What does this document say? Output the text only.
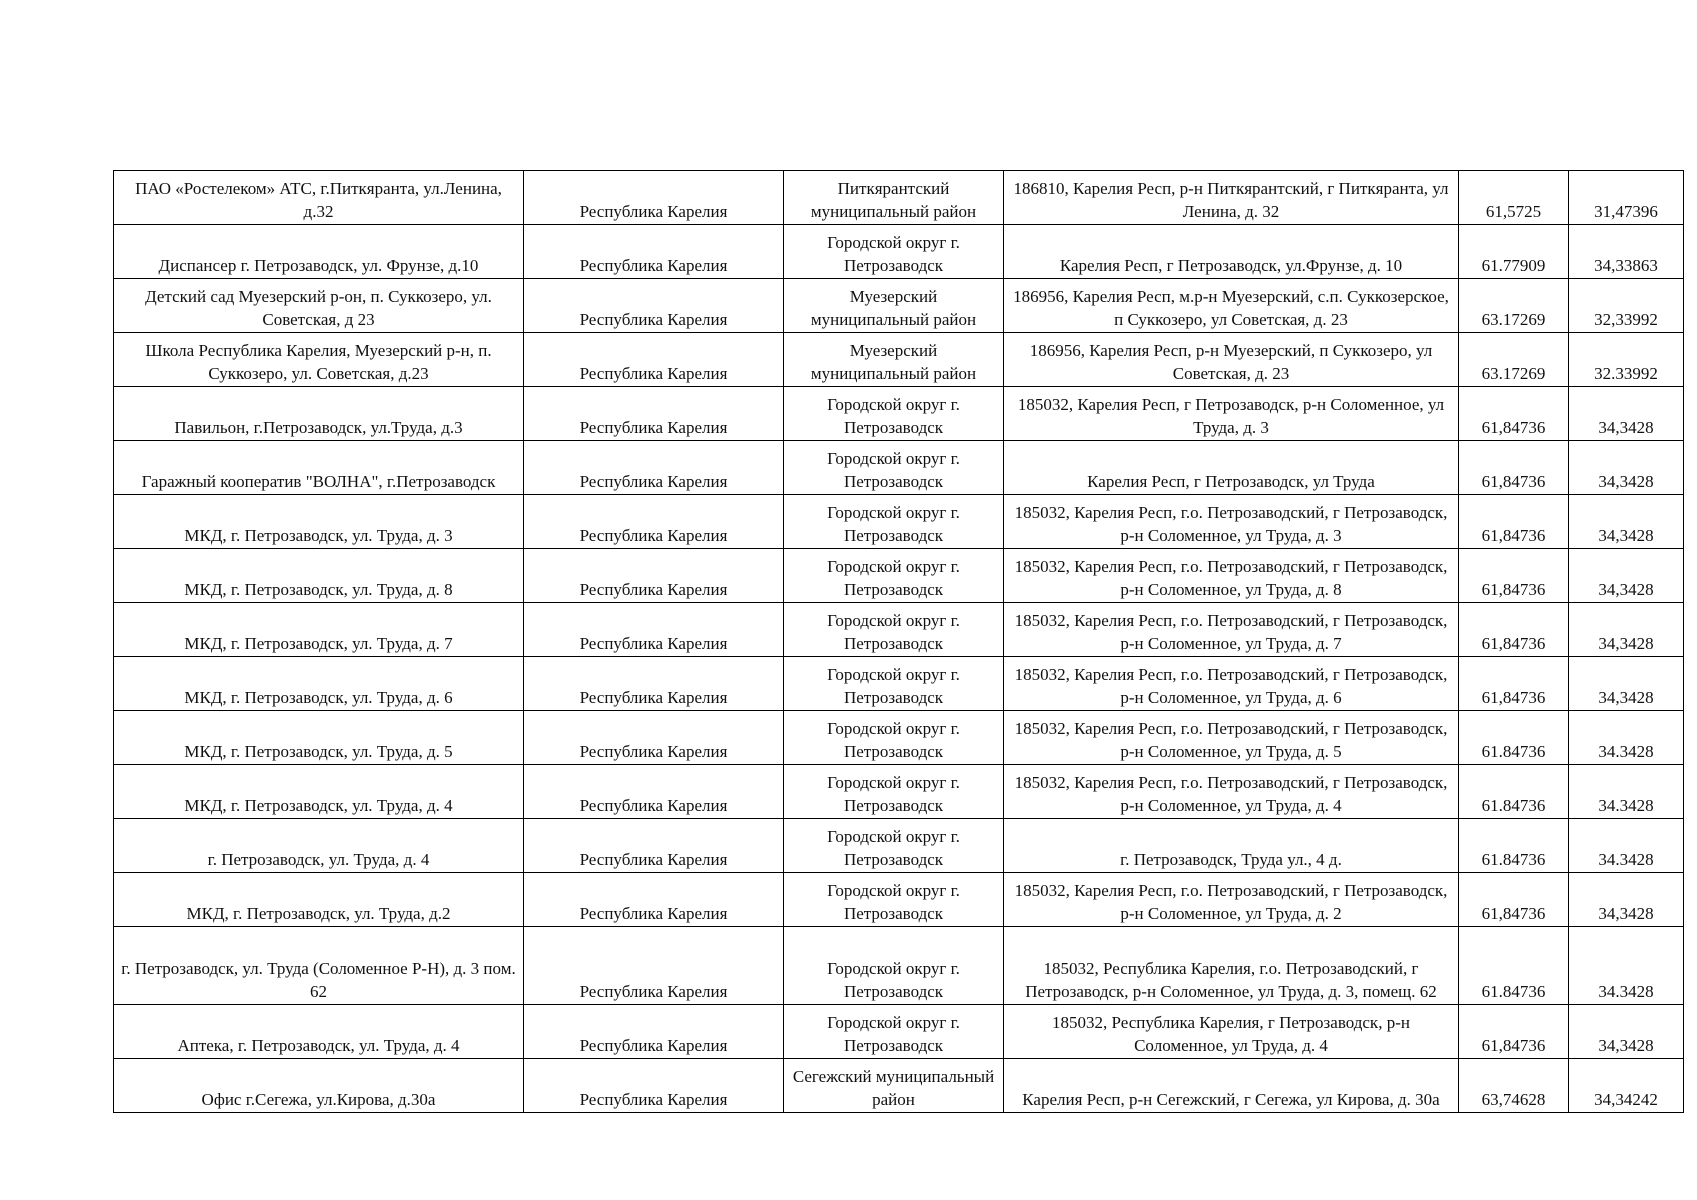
ПАО «Ростелеком» АТС, г.Питкяранта, ул.Ленина, д.32	Республика Карелия	Питкярантский муниципальный район	186810, Карелия Респ, р-н Питкярантский, г Питкяранта, ул Ленина, д. 32	61,5725	31,47396
Диспансер г. Петрозаводск, ул. Фрунзе, д.10	Республика Карелия	Городской округ г. Петрозаводск	Карелия Респ, г Петрозаводск, ул.Фрунзе, д. 10	61.77909	34,33863
Детский сад Муезерский р-он, п. Суккозеро, ул. Советская, д 23	Республика Карелия	Муезерский муниципальный район	186956, Карелия Респ, м.р-н Муезерский, с.п. Суккозерское, п Суккозеро, ул Советская, д. 23	63.17269	32,33992
Школа Республика Карелия, Муезерский р-н, п. Суккозеро, ул. Советская, д.23	Республика Карелия	Муезерский муниципальный район	186956, Карелия Респ, р-н Муезерский, п Суккозеро, ул Советская, д. 23	63.17269	32.33992
Павильон, г.Петрозаводск, ул.Труда, д.3	Республика Карелия	Городской округ г. Петрозаводск	185032, Карелия Респ, г Петрозаводск, р-н Соломенное, ул Труда, д. 3	61,84736	34,3428
Гаражный кооператив "ВОЛНА", г.Петрозаводск	Республика Карелия	Городской округ г. Петрозаводск	Карелия Респ, г Петрозаводск, ул Труда	61,84736	34,3428
МКД, г. Петрозаводск, ул. Труда, д. 3	Республика Карелия	Городской округ г. Петрозаводск	185032, Карелия Респ, г.о. Петрозаводский, г Петрозаводск, р-н Соломенное, ул Труда, д. 3	61,84736	34,3428
МКД, г. Петрозаводск, ул. Труда, д. 8	Республика Карелия	Городской округ г. Петрозаводск	185032, Карелия Респ, г.о. Петрозаводский, г Петрозаводск, р-н Соломенное, ул Труда, д. 8	61,84736	34,3428
МКД, г. Петрозаводск, ул. Труда, д. 7	Республика Карелия	Городской округ г. Петрозаводск	185032, Карелия Респ, г.о. Петрозаводский, г Петрозаводск, р-н Соломенное, ул Труда, д. 7	61,84736	34,3428
МКД, г. Петрозаводск, ул. Труда, д. 6	Республика Карелия	Городской округ г. Петрозаводск	185032, Карелия Респ, г.о. Петрозаводский, г Петрозаводск, р-н Соломенное, ул Труда, д. 6	61,84736	34,3428
МКД, г. Петрозаводск, ул. Труда, д. 5	Республика Карелия	Городской округ г. Петрозаводск	185032, Карелия Респ, г.о. Петрозаводский, г Петрозаводск, р-н Соломенное, ул Труда, д. 5	61.84736	34.3428
МКД, г. Петрозаводск, ул. Труда, д. 4	Республика Карелия	Городской округ г. Петрозаводск	185032, Карелия Респ, г.о. Петрозаводский, г Петрозаводск, р-н Соломенное, ул Труда, д. 4	61.84736	34.3428
г. Петрозаводск, ул. Труда, д. 4	Республика Карелия	Городской округ г. Петрозаводск	г. Петрозаводск, Труда ул., 4 д.	61.84736	34.3428
МКД, г. Петрозаводск, ул. Труда, д.2	Республика Карелия	Городской округ г. Петрозаводск	185032, Карелия Респ, г.о. Петрозаводский, г Петрозаводск, р-н Соломенное, ул Труда, д. 2	61,84736	34,3428
г. Петрозаводск, ул. Труда (Соломенное Р-Н), д. 3 пом. 62	Республика Карелия	Городской округ г. Петрозаводск	185032, Республика Карелия, г.о. Петрозаводский, г Петрозаводск, р-н Соломенное, ул Труда, д. 3, помещ. 62	61.84736	34.3428
Аптека, г. Петрозаводск, ул. Труда, д. 4	Республика Карелия	Городской округ г. Петрозаводск	185032, Республика Карелия, г Петрозаводск, р-н Соломенное, ул Труда, д. 4	61,84736	34,3428
Офис г.Сегежа, ул.Кирова, д.30а	Республика Карелия	Сегежский муниципальный район	Карелия Респ, р-н Сегежский, г Сегежа, ул Кирова, д. 30а	63,74628	34,34242
